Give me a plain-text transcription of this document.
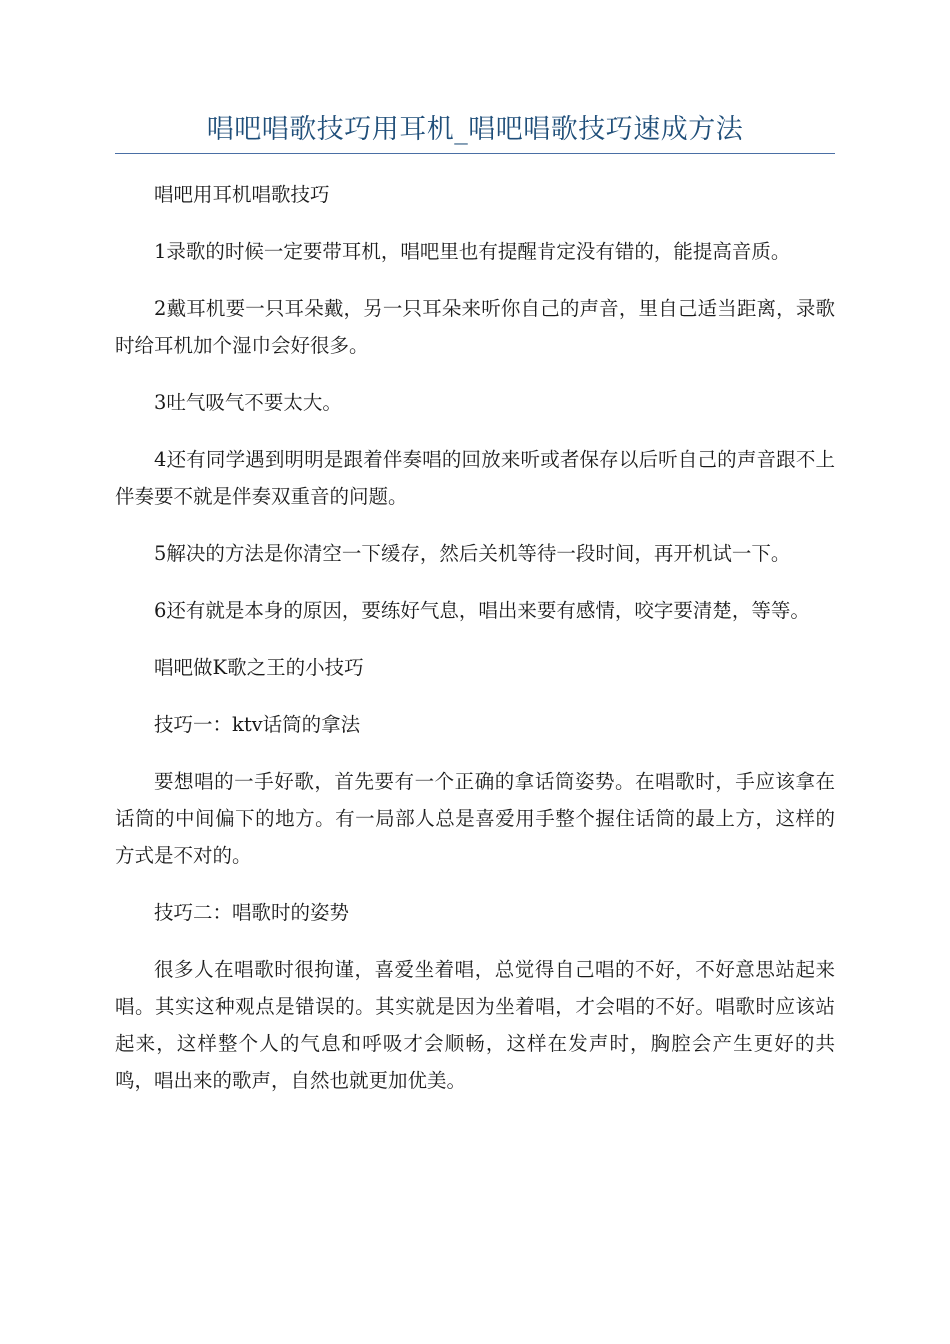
唱吧唱歌技巧用耳机_唱吧唱歌技巧速成方法

唱吧用耳机唱歌技巧

1录歌的时候一定要带耳机，唱吧里也有提醒肯定没有错的，能提高音质。

2戴耳机要一只耳朵戴，另一只耳朵来听你自己的声音，里自己适当距离，录歌时给耳机加个湿巾会好很多。

3吐气吸气不要太大。

4还有同学遇到明明是跟着伴奏唱的回放来听或者保存以后听自己的声音跟不上伴奏要不就是伴奏双重音的问题。

5解决的方法是你清空一下缓存，然后关机等待一段时间，再开机试一下。

6还有就是本身的原因，要练好气息，唱出来要有感情，咬字要清楚，等等。

唱吧做K歌之王的小技巧

技巧一：ktv话筒的拿法

要想唱的一手好歌，首先要有一个正确的拿话筒姿势。在唱歌时，手应该拿在话筒的中间偏下的地方。有一局部人总是喜爱用手整个握住话筒的最上方，这样的方式是不对的。

技巧二：唱歌时的姿势

很多人在唱歌时很拘谨，喜爱坐着唱，总觉得自己唱的不好，不好意思站起来唱。其实这种观点是错误的。其实就是因为坐着唱，才会唱的不好。唱歌时应该站起来，这样整个人的气息和呼吸才会顺畅，这样在发声时，胸腔会产生更好的共鸣，唱出来的歌声，自然也就更加优美。
